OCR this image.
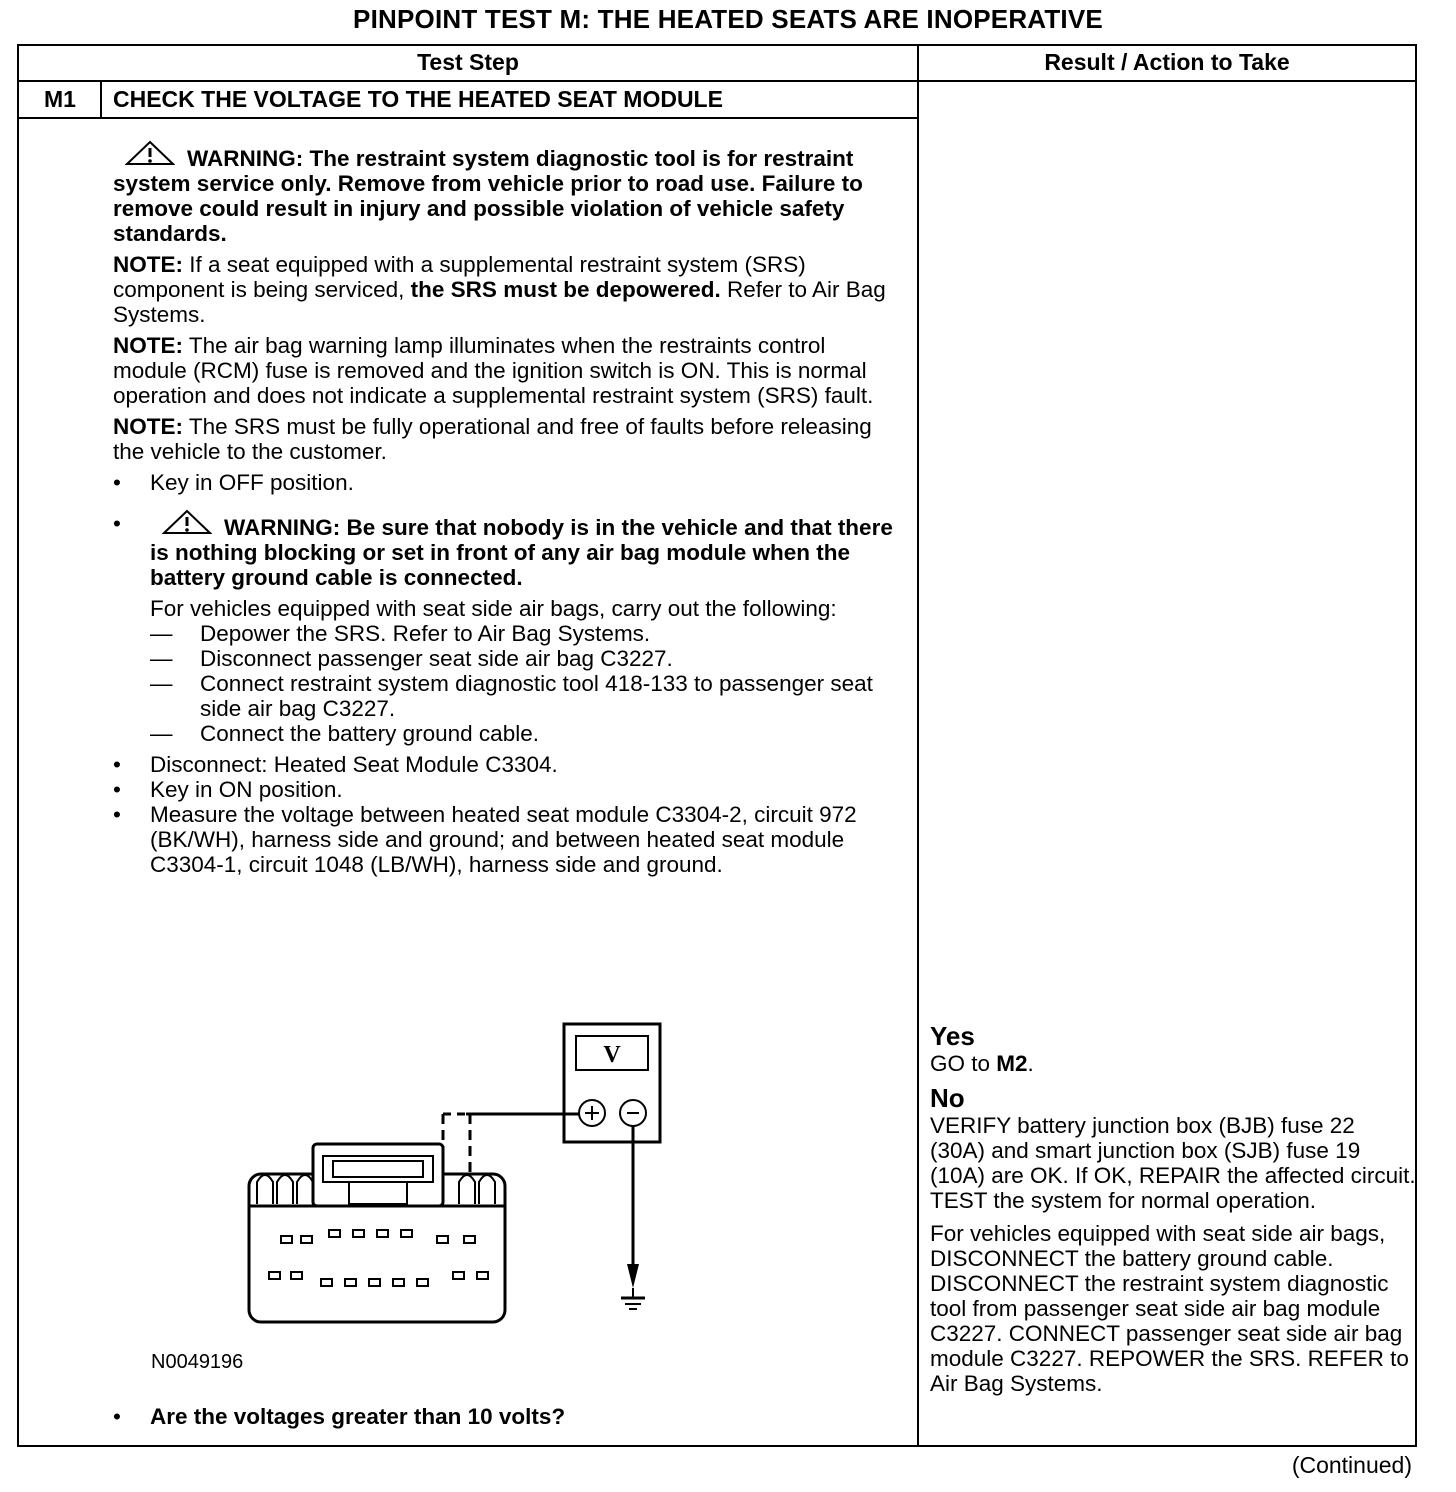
PINPOINT TEST M: THE HEATED SEATS ARE INOPERATIVE
Test Step	Result / Action to Take
M1	CHECK THE VOLTAGE TO THE HEATED SEAT MODULE

WARNING: The restraint system diagnostic tool is for restraint system service only. Remove from vehicle prior to road use. Failure to remove could result in injury and possible violation of vehicle safety standards.

NOTE: If a seat equipped with a supplemental restraint system (SRS) component is being serviced, the SRS must be depowered. Refer to Air Bag Systems.

NOTE: The air bag warning lamp illuminates when the restraints control module (RCM) fuse is removed and the ignition switch is ON. This is normal operation and does not indicate a supplemental restraint system (SRS) fault.

NOTE: The SRS must be fully operational and free of faults before releasing the vehicle to the customer.

• Key in OFF position.
•	WARNING: Be sure that nobody is in the vehicle and that there is nothing blocking or set in front of any air bag module when the battery ground cable is connected.

For vehicles equipped with seat side air bags, carry out the following:

— Depower the SRS. Refer to Air Bag Systems.
— Disconnect passenger seat side air bag C3227.
— Connect restraint system diagnostic tool 418-133 to passenger seat side air bag C3227.
— Connect the battery ground cable.
• Disconnect: Heated Seat Module C3304.
• Key in ON position.
• Measure the voltage between heated seat module C3304-2, circuit 972 (BK/WH), harness side and ground; and between heated seat module C3304-1, circuit 1048 (LB/WH), harness side and ground.
V
N0049196
• Are the voltages greater than 10 volts?
Yes

GO to M2.

No

VERIFY battery junction box (BJB) fuse 22 (30A) and smart junction box (SJB) fuse 19 (10A) are OK. If OK, REPAIR the affected circuit. TEST the system for normal operation.

For vehicles equipped with seat side air bags, DISCONNECT the battery ground cable. DISCONNECT the restraint system diagnostic tool from passenger seat side air bag module C3227. CONNECT passenger seat side air bag module C3227. REPOWER the SRS. REFER to Air Bag Systems.

(Continued)
